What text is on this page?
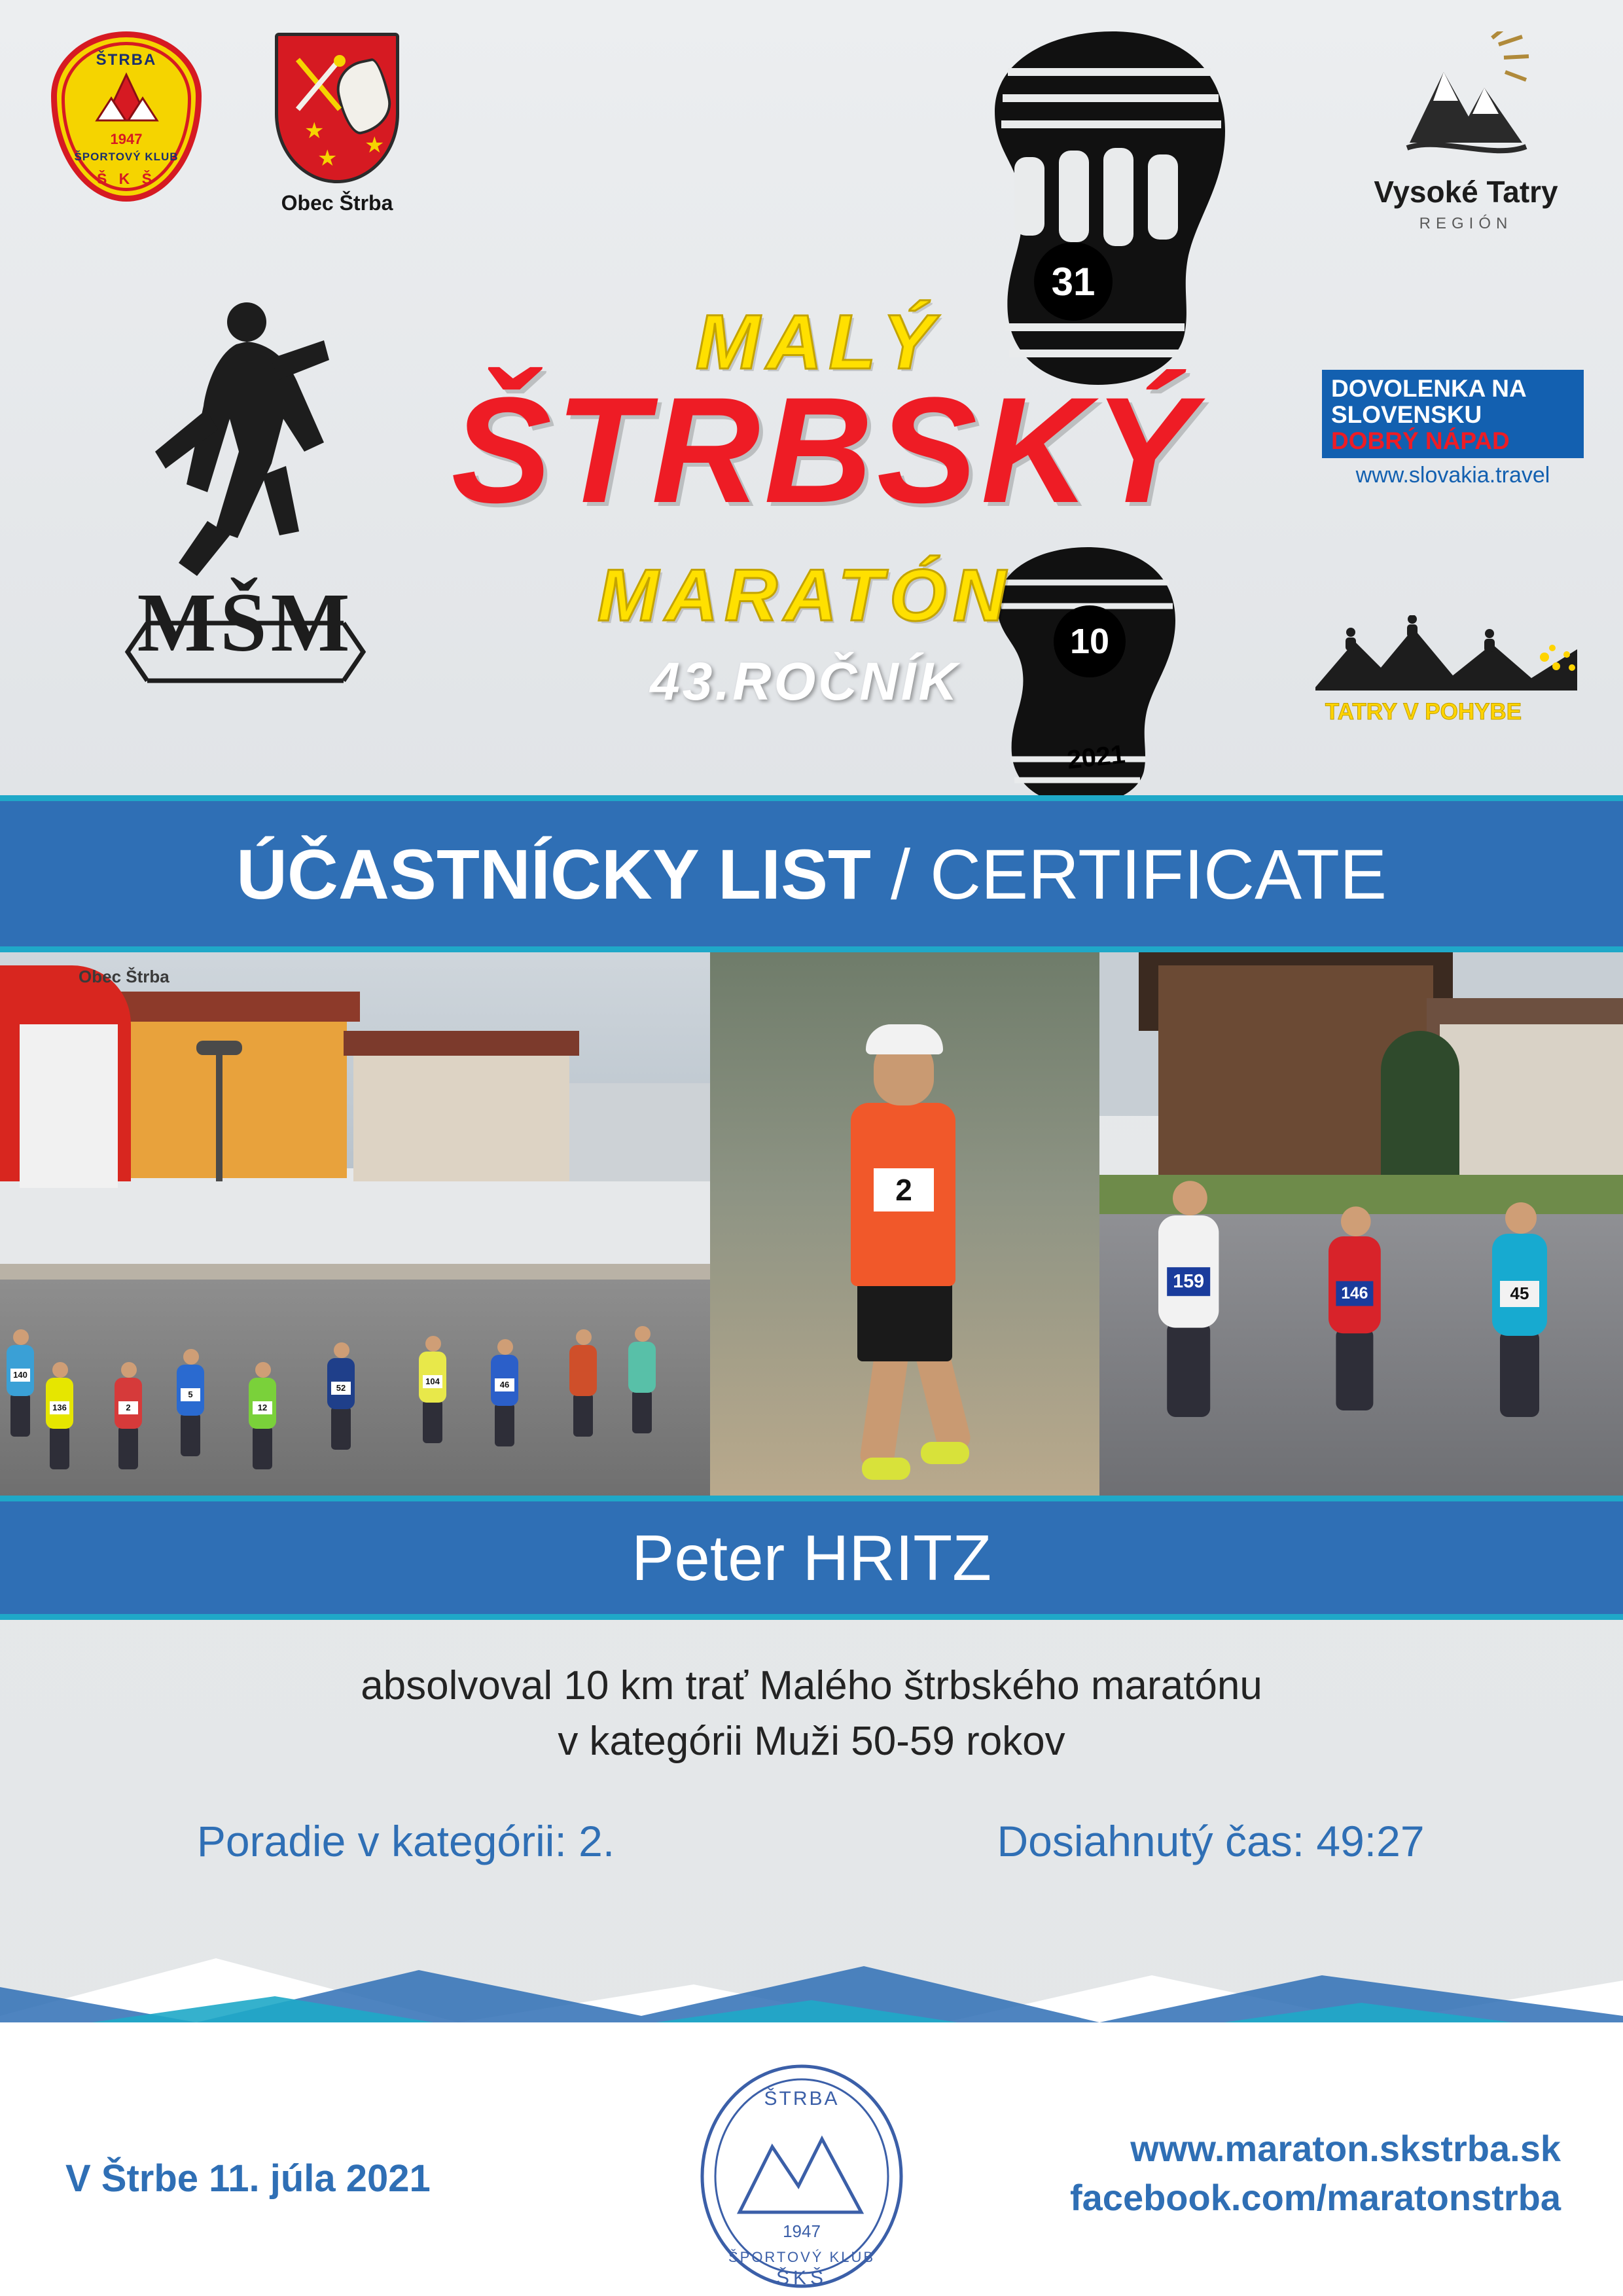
ŠTRBA
1947
ŠPORTOVÝ KLUB
Š K Š
★
★
★
Obec Štrba
MŠM
31
10
2021
MALÝ
ŠTRBSKÝ
MARATÓN
43.ROČNÍK
Vysoké Tatry
REGIÓN
DOVOLENKA NA
SLOVENSKU
DOBRÝ NÁPAD
www.slovakia.travel
TATRY V POHYBE
ÚČASTNÍCKY LIST / CERTIFICATE
Obec Štrba
136	2
5
12
52
104	46
140
2
159
146	45
Peter HRITZ
absolvoval 10 km trať Malého štrbského maratónu
v kategórii Muži 50-59 rokov
Poradie v kategórii: 2.	Dosiahnutý čas: 49:27
V Štrbe 11. júla 2021
ŠTRBA
1947
ŠPORTOVÝ KLUB
ŠKŠ
www.maraton.skstrba.sk
facebook.com/maratonstrba
